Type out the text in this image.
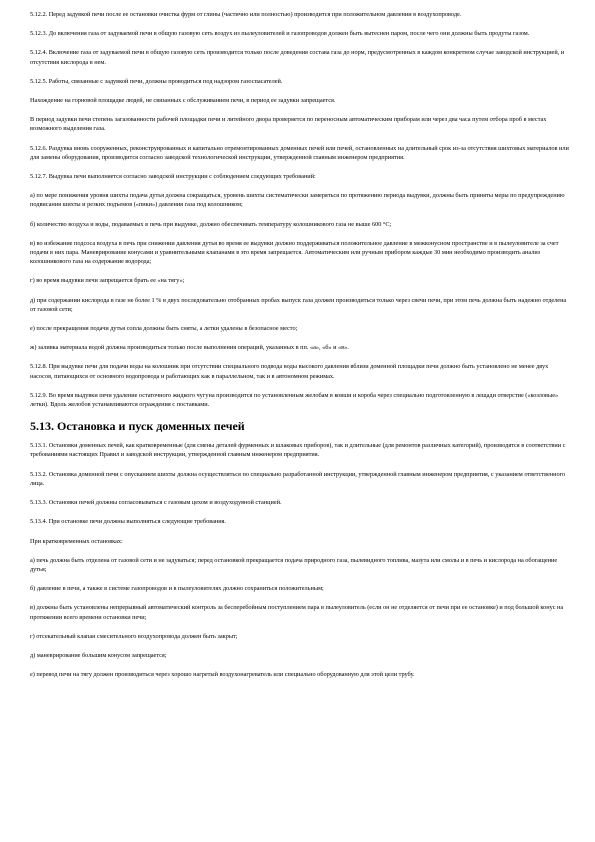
5.12.2. Перед задувкой печи после ее остановки очистка фурм от глины (частично или полностью) производится при положительном давлении в воздухопроводе.

5.12.3. До включения газа от задуваемой печи в общую газовую сеть воздух из пылеуловителей и газопроводов должен быть вытеснен паром, после чего они должны быть продуты газом.

5.12.4. Включение газа от задуваемой печи в общую газовую сеть производится только после доведения состава газа до норм, предусмотренных в каждом конкретном случае заводской инструкцией, и отсутствия кислорода в нем.

5.12.5. Работы, связанные с задувкой печи, должны проводиться под надзором газоспасателей.

Нахождение на горновой площадке людей, не связанных с обслуживанием печи, в период ее задувки запрещается.

В период задувки печи степень загазованности рабочей площадки печи и литейного двора проверяется по переносным автоматическим приборам или через два часа путем отбора проб в местах возможного выделения газа.

5.12.6. Раздувка вновь сооруженных, реконструированных и капитально отремонтированных доменных печей или печей, остановленных на длительный срок из-за отсутствия шихтовых материалов или для замены оборудования, производится согласно заводской технологической инструкции, утвержденной главным инженером предприятия.

5.12.7. Выдувка печи выполняется согласно заводской инструкции с соблюдением следующих требований:

а) по мере понижения уровня шихты подача дутья должна сокращаться, уровень шихты систематически замеряться по протяжению периода выдувки, должны быть приняты меры по предупреждению подвисания шихты и резких подъемов («пики») давления газа под колошником;

б) количество воздуха и воды, подаваемых в печь при выдувке, должно обеспечивать температуру колошникового газа не выше 600 °C;

в) во избежание подсоса воздуха в печь при снижении давления дутья во время ее выдувки должно поддерживаться положительное давление в межконусном пространстве и в пылеуловителе за счет подачи в них пара. Маневрирование конусами и уравнительными клапанами в это время запрещается. Автоматическим или ручным прибором каждые 30 мин необходимо производить анализ колошникового газа на содержание водорода;

г) во время выдувки печи запрещается брать ее «на тягу»;

д) при содержании кислорода в газе не более 1 % в двух последовательно отобранных пробах выпуск газа должен производиться только через свечи печи, при этом печь должна быть надежно отделена от газовой сети;

е) после прекращения подачи дутья сопла должны быть сняты, а летки удалены в безопасное место;

ж) заливка материала водой должна производиться только после выполнения операций, указанных в пп. «а», «б» и «в».

5.12.8. При выдувке печи для подачи воды на колошник при отсутствии специального подвода воды высокого давления вблизи доменной площадки печи должно быть установлено не менее двух насосов, питающихся от основного водопровода и работающих как в параллельном, так и в автономном режимах.

5.12.9. Во время выдувки печи удаление остаточного жидкого чугуна производится по установленным желобам в ковши и короба через специально подготовленную в лещади отверстие («козловые» летки). Вдоль желобов устанавливаются ограждения с поставками.

5.13. Остановка и пуск доменных печей

5.13.1. Остановки доменных печей, как кратковременные (для смены деталей фурменных и шлаковых приборов), так и длительные (для ремонтов различных категорий), производятся в соответствии с требованиями настоящих Правил и заводской инструкции, утвержденной главным инженером предприятия.

5.13.2. Остановка доменной печи с опусканием шихты должна осуществляться по специально разработанной инструкции, утвержденной главным инженером предприятия, с указанием ответственного лица.

5.13.3. Остановки печей должны согласовываться с газовым цехом и воздуходувной станцией.

5.13.4. При остановке печи должны выполняться следующие требования.

При кратковременных остановках:

а) печь должна быть отделена от газовой сети и не задуваться; перед остановкой прекращается подача природного газа, пылевидного топлива, мазута или смолы и в печь и кислорода на обогащение дутья;

б) давление в печи, а также в системе газопроводов и в пылеуловителях должно сохраниться положительным;

в) должны быть установлены непрерывный автоматический контроль за бесперебойным поступлением пара в пылеуловитель (если он не отделяется от печи при ее остановке) и под большой конус на протяжении всего времени остановки печи;

г) отсекательный клапан смесительного воздухопровода должен быть закрыт;

д) маневрирование большим конусом запрещается;

е) перевод печи на тягу должен производиться через хорошо нагретый воздухонагреватель или специально оборудованную для этой цели трубу.
